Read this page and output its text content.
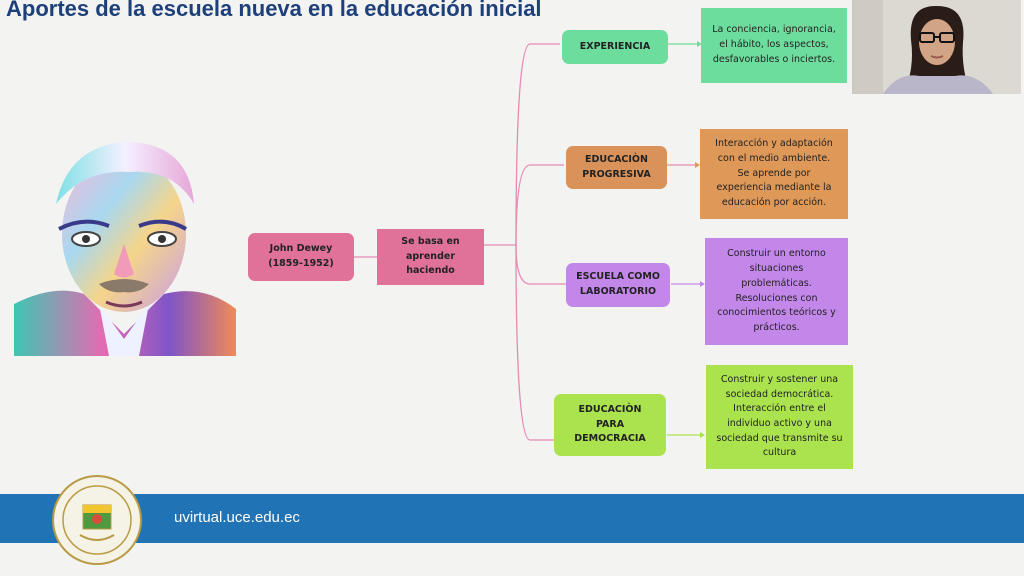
Aportes de la escuela nueva en la educación inicial
John Dewey
(1859-1952)
Se basa en
aprender
haciendo
EXPERIENCIA
La conciencia, ignorancia,
el hábito, los aspectos,
desfavorables o inciertos.
EDUCACIÒN
PROGRESIVA
Interacción y adaptación
con el medio ambiente.
Se aprende por
experiencia mediante la
educación por acción.
ESCUELA COMO
LABORATORIO
Construir un entorno
situaciones
problemáticas.
Resoluciones con
conocimientos teóricos y
prácticos.
EDUCACIÒN
PARA
DEMOCRACIA
Construir y sostener una
sociedad democrática.
Interacción entre el
individuo activo y una
sociedad que transmite su
cultura
uvirtual.uce.edu.ec
